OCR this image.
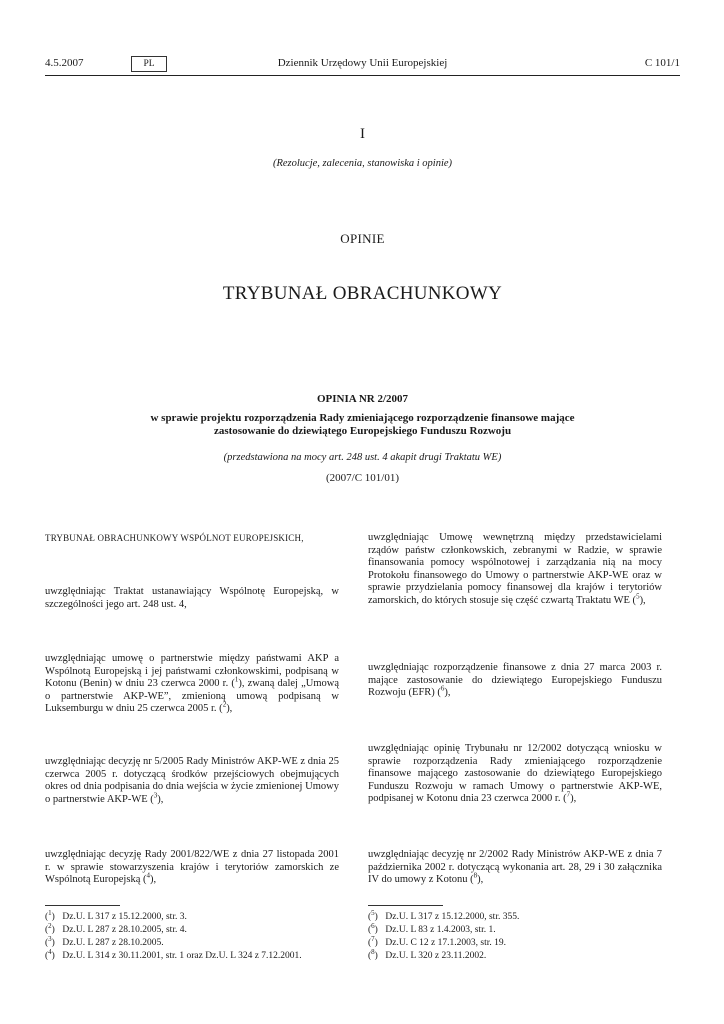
4.5.2007	PL	Dziennik Urzędowy Unii Europejskiej	C 101/1
I
(Rezolucje, zalecenia, stanowiska i opinie)
OPINIE
TRYBUNAŁ OBRACHUNKOWY
OPINIA NR 2/2007
w sprawie projektu rozporządzenia Rady zmieniającego rozporządzenie finansowe mające
zastosowanie do dziewiątego Europejskiego Funduszu Rozwoju
(przedstawiona na mocy art. 248 ust. 4 akapit drugi Traktatu WE)
(2007/C 101/01)
TRYBUNAŁ OBRACHUNKOWY WSPÓLNOT EUROPEJSKICH,
uwzględniając Traktat ustanawiający Wspólnotę Europejską, w szczególności jego art. 248 ust. 4,
uwzględniając umowę o partnerstwie między państwami AKP a Wspólnotą Europejską i jej państwami członkowskimi, podpisaną w Kotonu (Benin) w dniu 23 czerwca 2000 r. ($^1$), zwaną dalej „Umową o partnerstwie AKP-WE”, zmienioną umową podpisaną w Luksemburgu w dniu 25 czerwca 2005 r. ($^2$),
uwzględniając decyzję nr 5/2005 Rady Ministrów AKP-WE z dnia 25 czerwca 2005 r. dotyczącą środków przejściowych obejmujących okres od dnia podpisania do dnia wejścia w życie zmienionej Umowy o partnerstwie AKP-WE ($^3$),
uwzględniając decyzję Rady 2001/822/WE z dnia 27 listopada 2001 r. w sprawie stowarzyszenia krajów i terytoriów zamorskich ze Wspólnotą Europejską ($^4$),
uwzględniając Umowę wewnętrzną między przedstawicielami rządów państw członkowskich, zebranymi w Radzie, w sprawie finansowania pomocy wspólnotowej i zarządzania nią na mocy Protokołu finansowego do Umowy o partnerstwie AKP-WE oraz w sprawie przydzielania pomocy finansowej dla krajów i terytoriów zamorskich, do których stosuje się część czwartą Traktatu WE ($^5$),
uwzględniając rozporządzenie finansowe z dnia 27 marca 2003 r. mające zastosowanie do dziewiątego Europejskiego Funduszu Rozwoju (EFR) ($^6$),
uwzględniając opinię Trybunału nr 12/2002 dotyczącą wniosku w sprawie rozporządzenia Rady zmieniającego rozporządzenie finansowe mającego zastosowanie do dziewiątego Europejskiego Funduszu Rozwoju w ramach Umowy o partnerstwie AKP-WE, podpisanej w Kotonu dnia 23 czerwca 2000 r. ($^7$),
uwzględniając decyzję nr 2/2002 Rady Ministrów AKP-WE z dnia 7 października 2002 r. dotyczącą wykonania art. 28, 29 i 30 załącznika IV do umowy z Kotonu ($^8$),
($^1$) Dz.U. L 317 z 15.12.2000, str. 3.
($^2$) Dz.U. L 287 z 28.10.2005, str. 4.
($^3$) Dz.U. L 287 z 28.10.2005.
($^4$) Dz.U. L 314 z 30.11.2001, str. 1 oraz Dz.U. L 324 z 7.12.2001.
($^5$) Dz.U. L 317 z 15.12.2000, str. 355.
($^6$) Dz.U. L 83 z 1.4.2003, str. 1.
($^7$) Dz.U. C 12 z 17.1.2003, str. 19.
($^8$) Dz.U. L 320 z 23.11.2002.
